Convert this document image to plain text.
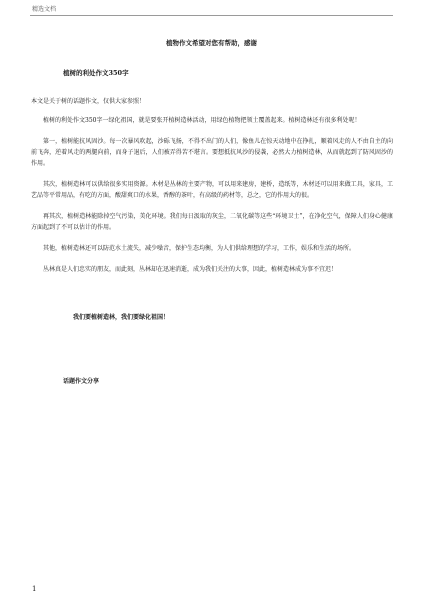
精选文档
植物作文希望对您有帮助，感谢
植树的利处作文350字

本文是关于树的话题作文，仅供大家参照！

植树的利处作文350字一绿化祖国，就是要张开植树造林活动，用绿色植物把领土覆盖起来。植树造林还有很多利处呢！

第一，植树能抗风固沙。每一次暴风吹起，沙砾飞扬，不得不出门的人们，像鱼儿在惊天动地中在挣扎，顺着风走的人不由自主的向前飞奔，逆着风走的两腿向前，而身子退后，人们被弄得苦不堪言。要想抵抗风沙的侵袭，必然大力植树造林，从而就起到了防风固沙的作用。

其次，植树造林可以供给很多实用资源。木材是丛林的主要产物，可以用来建房，建桥，造纸等，木材还可以用来做工具，家具，工艺品等平常用品，有吃的方面，酸甜爽口的水果，香醇的茶叶，有高级的药材等，总之，它的作用大的很。

再其次，植树造林能除掉空气污染，美化环境。我们每日汲取的灰尘，二氧化碳等这些“环境卫士”，在净化空气，保障人们身心健康方面起到了不可以估计的作用。

其他，植树造林还可以防范水土流失，减少噪音，保护生态均衡，为人们供给理想的学习，工作，娱乐和生活的场所。

丛林真是人们忠实的朋友，而此刻，丛林却在迅速消逝，成为我们关注的大事，因此，植树造林成为事不宜迟！

我们要植树造林，我们要绿化祖国！
话题作文分享
1
